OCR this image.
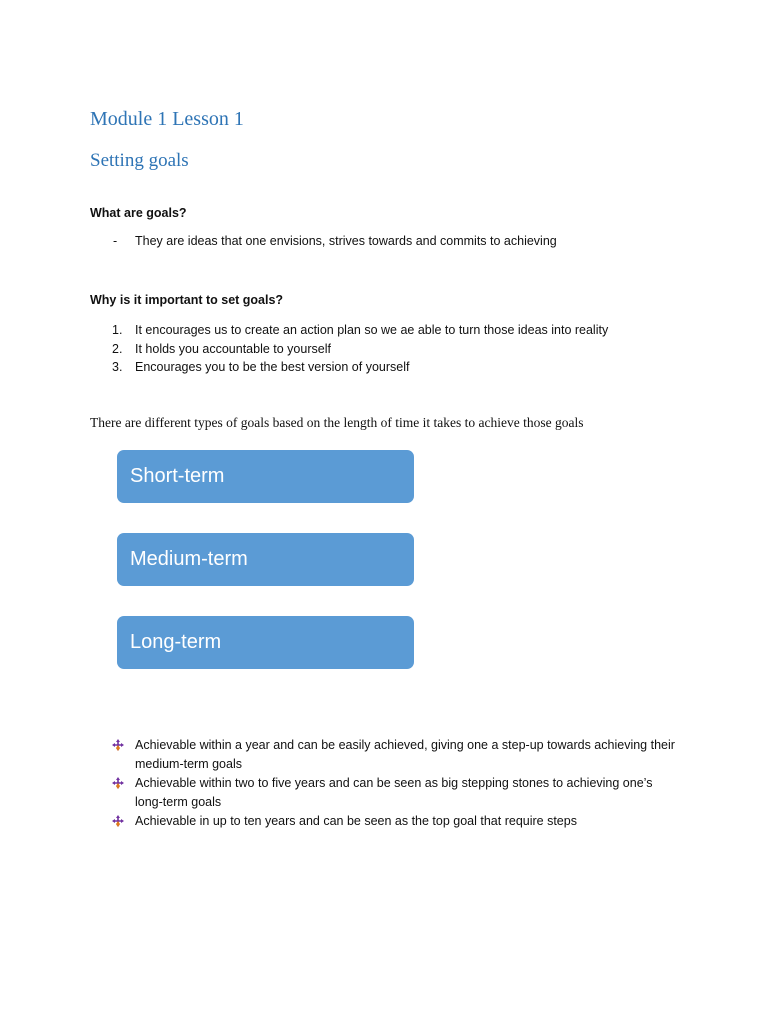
Module 1 Lesson 1
Setting goals

What are goals?

- They are ideas that one envisions, strives towards and commits to achieving

Why is it important to set goals?

1. It encourages us to create an action plan so we ae able to turn those ideas into reality
2. It holds you accountable to yourself
3. Encourages you to be the best version of yourself

There are different types of goals based on the length of time it takes to achieve those goals

Short-term
Medium-term
Long-term
Achievable within a year and can be easily achieved, giving one a step-up towards achieving their medium-term goals
Achievable within two to five years and can be seen as big stepping stones to achieving one’s long-term goals
Achievable in up to ten years and can be seen as the top goal that require steps
